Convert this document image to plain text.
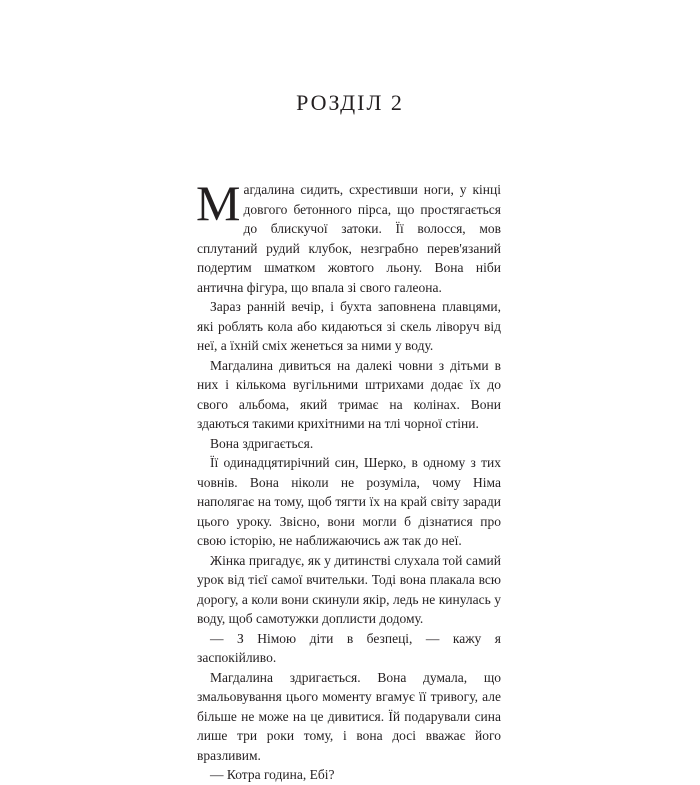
РОЗДІЛ 2

Магдалина сидить, схрестивши ноги, у кінці довгого бетонного пірса, що простягається до блискучої затоки. Її волосся, мов сплутаний рудий клубок, незграбно перев'язаний подертим шматком жовтого льону. Вона ніби антична фігура, що впала зі свого галеона.

Зараз ранній вечір, і бухта заповнена плавцями, які роблять кола або кидаються зі скель ліворуч від неї, а їхній сміх женеться за ними у воду.

Магдалина дивиться на далекі човни з дітьми в них і кількома вугільними штрихами додає їх до свого альбома, який тримає на колінах. Вони здаються такими крихітними на тлі чорної стіни.

Вона здригається.

Її одинадцятирічний син, Шерко, в одному з тих човнів. Вона ніколи не розуміла, чому Німа наполягає на тому, щоб тягти їх на край світу заради цього уроку. Звісно, вони могли б дізнатися про свою історію, не наближаючись аж так до неї.

Жінка пригадує, як у дитинстві слухала той самий урок від тієї самої вчительки. Тоді вона плакала всю дорогу, а коли вони скинули якір, ледь не кинулась у воду, щоб самотужки доплисти додому.

— З Німою діти в безпеці, — кажу я заспокійливо.

Магдалина здригається. Вона думала, що змальовування цього моменту вгамує її тривогу, але більше не може на це дивитися. Їй подарували сина лише три роки тому, і вона досі вважає його вразливим.

— Котра година, Ебі?
